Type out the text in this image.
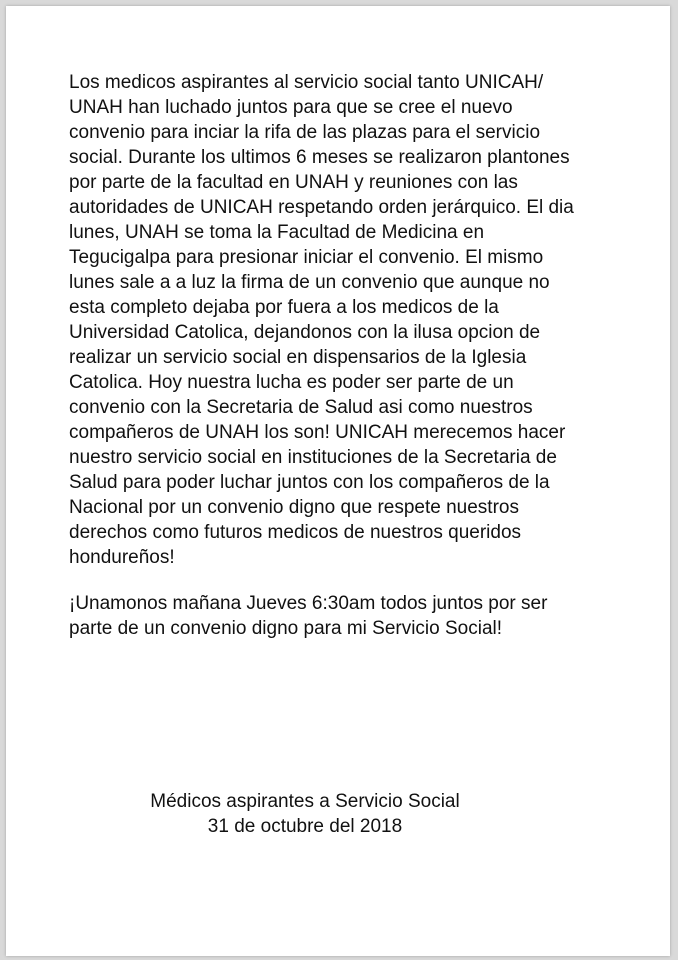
Los medicos aspirantes al servicio social tanto UNICAH/
UNAH han luchado juntos para que se cree el nuevo
convenio para inciar la rifa de las plazas para el servicio
social. Durante los ultimos 6 meses se realizaron plantones
por parte de la facultad en UNAH y reuniones con las
autoridades de UNICAH respetando orden jerárquico. El dia
lunes, UNAH se toma la Facultad de Medicina en
Tegucigalpa para presionar iniciar el convenio. El mismo
lunes sale a a luz la firma de un convenio que aunque no
esta completo dejaba por fuera a los medicos de la
Universidad Catolica, dejandonos con la ilusa opcion de
realizar un servicio social en dispensarios de la Iglesia
Catolica. Hoy nuestra lucha es poder ser parte de un
convenio con la Secretaria de Salud asi como nuestros
compañeros de UNAH los son! UNICAH merecemos hacer
nuestro servicio social en instituciones de la Secretaria de
Salud para poder luchar juntos con los compañeros de la
Nacional por un convenio digno que respete nuestros
derechos como futuros medicos de nuestros queridos
hondureños!

¡Unamonos mañana Jueves 6:30am todos juntos por ser
parte de un convenio digno para mi Servicio Social!

Médicos aspirantes a Servicio Social
31 de octubre del 2018
